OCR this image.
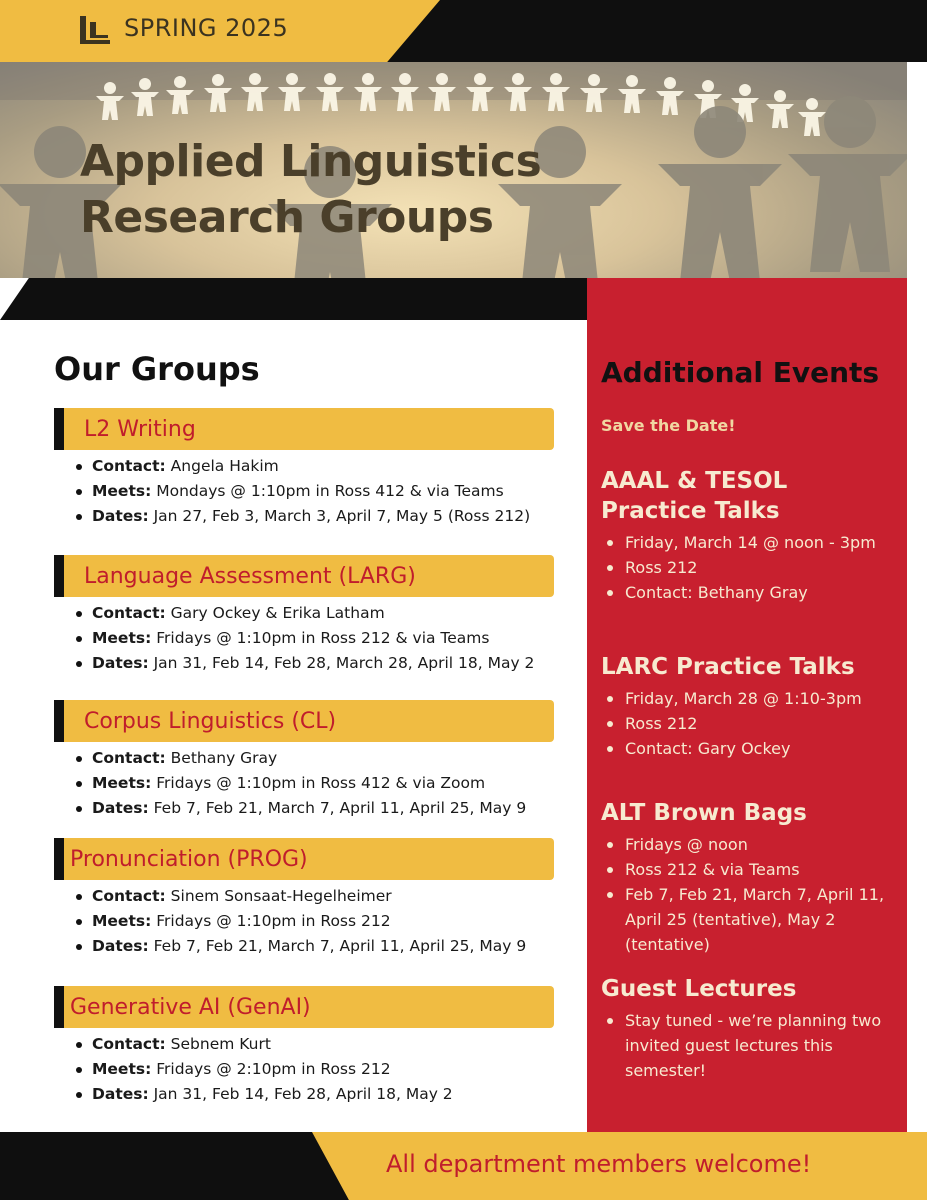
SPRING 2025
Applied Linguistics
Research Groups
Our Groups
L2 Writing
Contact: Angela Hakim
Meets: Mondays @ 1:10pm in Ross 412 & via Teams
Dates: Jan 27, Feb 3, March 3, April 7, May 5 (Ross 212)
Language Assessment (LARG)
Contact: Gary Ockey & Erika Latham
Meets: Fridays @ 1:10pm in Ross 212 & via Teams
Dates: Jan 31, Feb 14, Feb 28, March 28, April 18, May 2
Corpus Linguistics (CL)
Contact: Bethany Gray
Meets: Fridays @ 1:10pm in Ross 412 & via Zoom
Dates: Feb 7, Feb 21, March 7, April 11, April 25, May 9
Pronunciation (PROG)
Contact: Sinem Sonsaat-Hegelheimer
Meets: Fridays @ 1:10pm in Ross 212
Dates: Feb 7, Feb 21, March 7, April 11, April 25, May 9
Generative AI (GenAI)
Contact: Sebnem Kurt
Meets: Fridays @ 2:10pm in Ross 212
Dates: Jan 31, Feb 14, Feb 28, April 18, May 2
Additional Events
Save the Date!
AAAL & TESOL Practice Talks
Friday, March 14 @ noon - 3pm
Ross 212
Contact: Bethany Gray
LARC Practice Talks
Friday, March 28 @ 1:10-3pm
Ross 212
Contact: Gary Ockey
ALT Brown Bags
Fridays @ noon
Ross 212 & via Teams
Feb 7, Feb 21, March 7, April 11, April 25 (tentative), May 2 (tentative)
Guest Lectures
Stay tuned - we’re planning two invited guest lectures this semester!
All department members welcome!
